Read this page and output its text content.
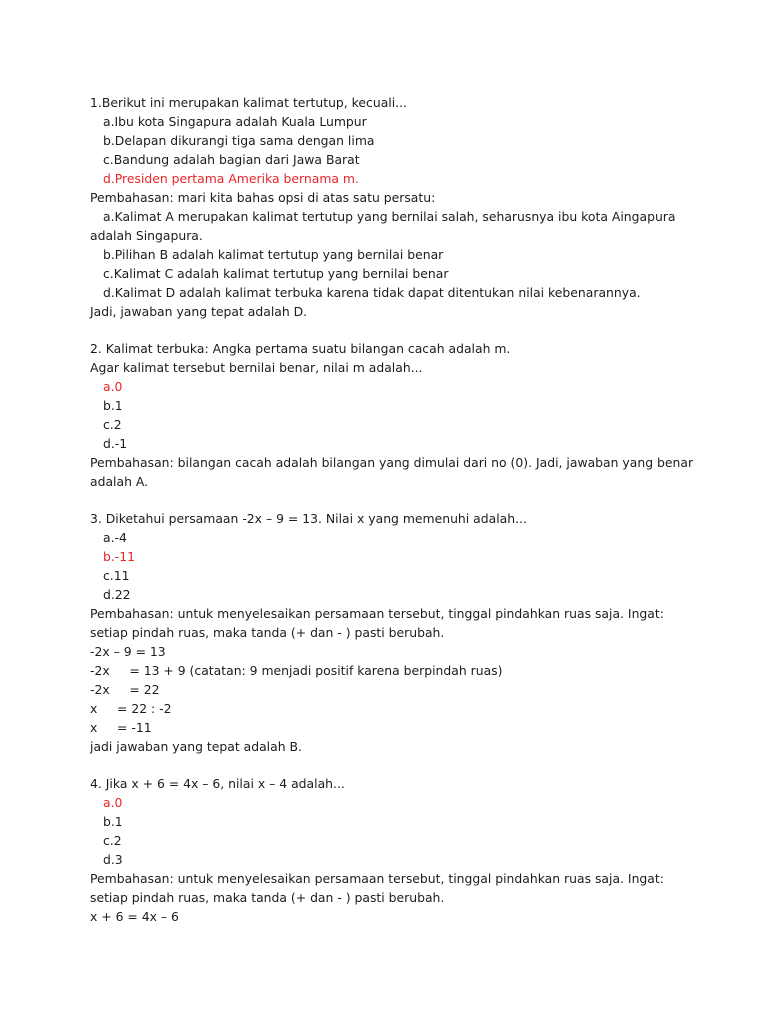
1.Berikut ini merupakan kalimat tertutup, kecuali...
a.Ibu kota Singapura adalah Kuala Lumpur
b.Delapan dikurangi tiga sama dengan lima
c.Bandung adalah bagian dari Jawa Barat
d.Presiden pertama Amerika bernama m.
Pembahasan: mari kita bahas opsi di atas satu persatu:
a.Kalimat A merupakan kalimat tertutup yang bernilai salah, seharusnya ibu kota Aingapura
adalah Singapura.
b.Pilihan B adalah kalimat tertutup yang bernilai benar
c.Kalimat C adalah kalimat tertutup yang bernilai benar
d.Kalimat D adalah kalimat terbuka karena tidak dapat ditentukan nilai kebenarannya.
Jadi, jawaban yang tepat adalah D.
2. Kalimat terbuka: Angka pertama suatu bilangan cacah adalah m.
Agar kalimat tersebut bernilai benar, nilai m adalah...
a.0
b.1
c.2
d.-1
Pembahasan: bilangan cacah adalah bilangan yang dimulai dari no (0). Jadi, jawaban yang benar
adalah A.
3. Diketahui persamaan -2x – 9 = 13. Nilai x yang memenuhi adalah...
a.-4
b.-11
c.11
d.22
Pembahasan: untuk menyelesaikan persamaan tersebut, tinggal pindahkan ruas saja. Ingat:
setiap pindah ruas, maka tanda (+ dan - ) pasti berubah.
-2x – 9 = 13
-2x     = 13 + 9 (catatan: 9 menjadi positif karena berpindah ruas)
-2x     = 22
x     = 22 : -2
x     = -11
jadi jawaban yang tepat adalah B.
4. Jika x + 6 = 4x – 6, nilai x – 4 adalah...
a.0
b.1
c.2
d.3
Pembahasan: untuk menyelesaikan persamaan tersebut, tinggal pindahkan ruas saja. Ingat:
setiap pindah ruas, maka tanda (+ dan - ) pasti berubah.
x + 6 = 4x – 6
